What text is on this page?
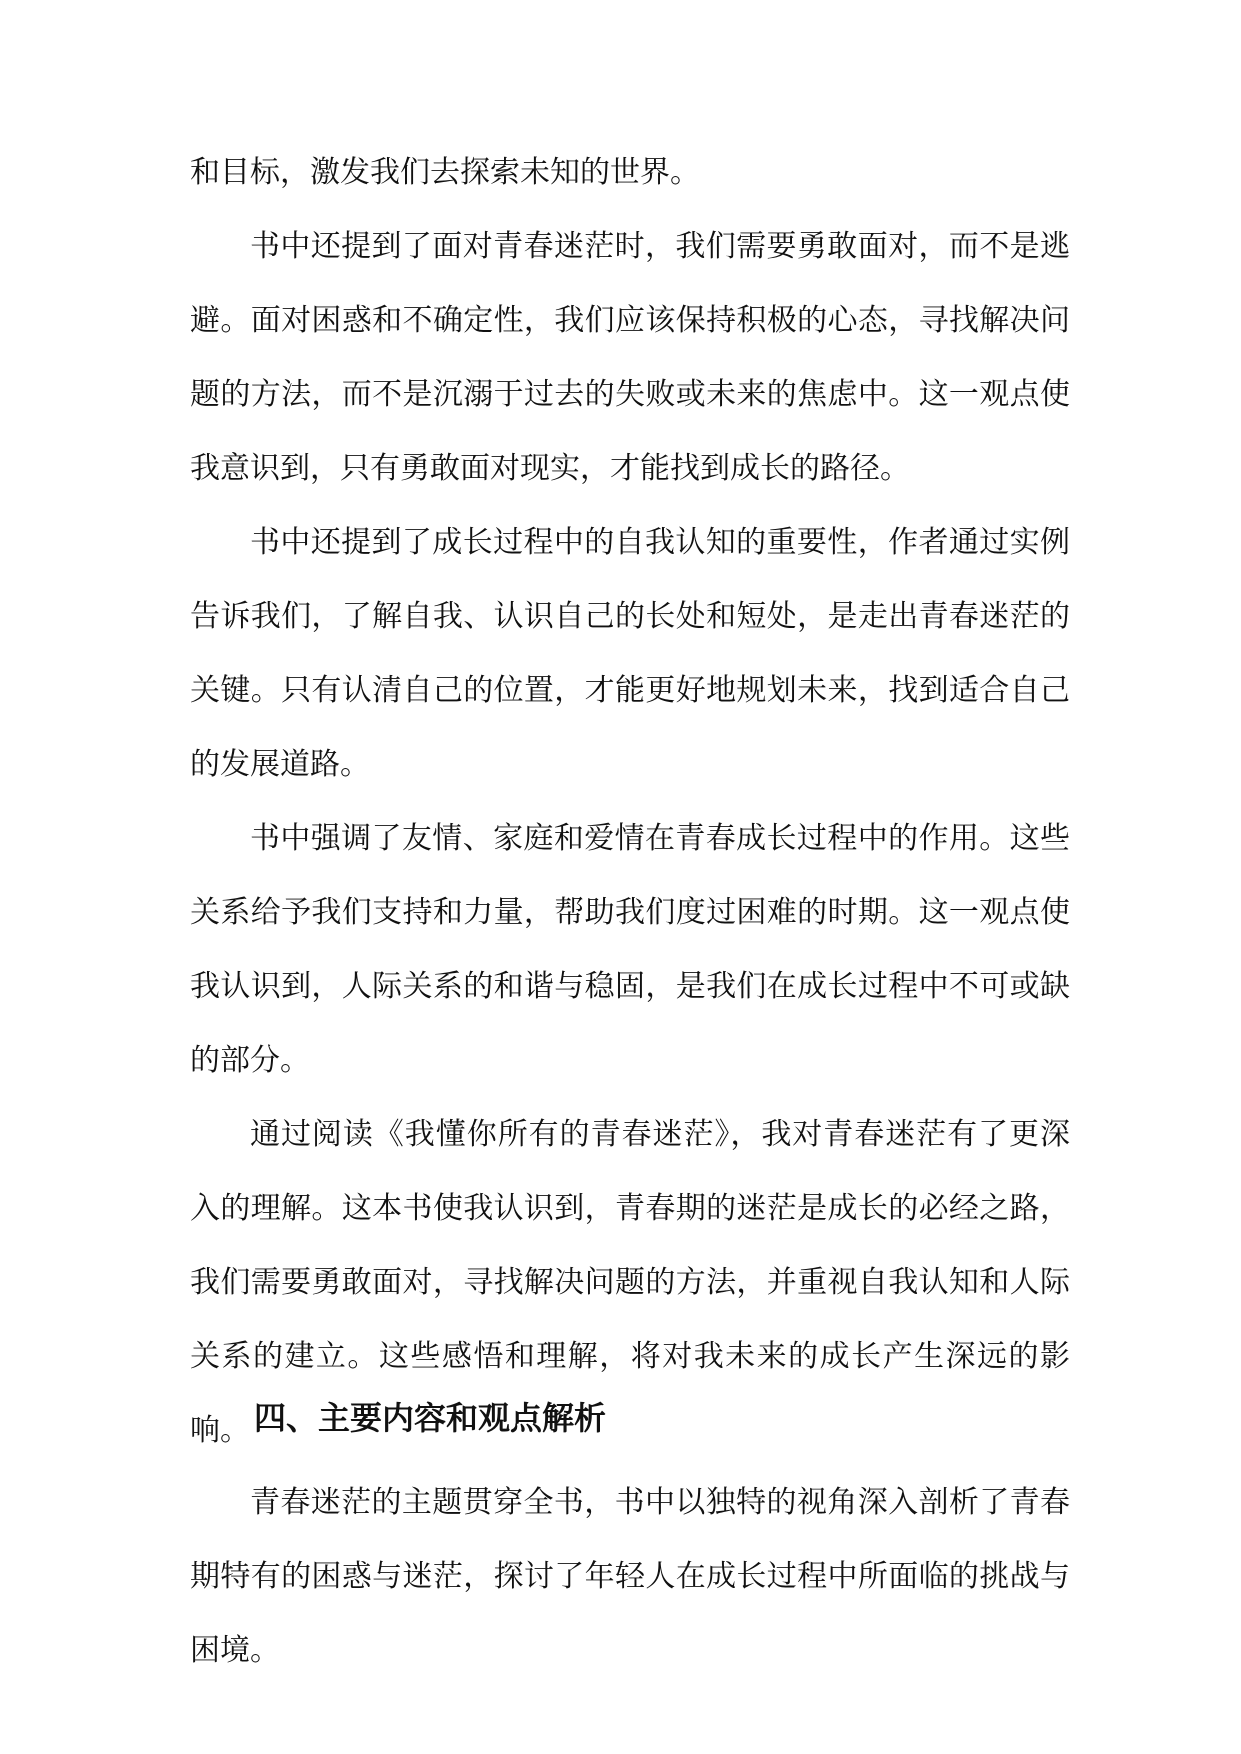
和目标，激发我们去探索未知的世界。

书中还提到了面对青春迷茫时，我们需要勇敢面对，而不是逃避。面对困惑和不确定性，我们应该保持积极的心态，寻找解决问题的方法，而不是沉溺于过去的失败或未来的焦虑中。这一观点使我意识到，只有勇敢面对现实，才能找到成长的路径。

书中还提到了成长过程中的自我认知的重要性，作者通过实例告诉我们，了解自我、认识自己的长处和短处，是走出青春迷茫的关键。只有认清自己的位置，才能更好地规划未来，找到适合自己的发展道路。

书中强调了友情、家庭和爱情在青春成长过程中的作用。这些关系给予我们支持和力量，帮助我们度过困难的时期。这一观点使我认识到，人际关系的和谐与稳固，是我们在成长过程中不可或缺的部分。

通过阅读《我懂你所有的青春迷茫》，我对青春迷茫有了更深入的理解。这本书使我认识到，青春期的迷茫是成长的必经之路，我们需要勇敢面对，寻找解决问题的方法，并重视自我认知和人际关系的建立。这些感悟和理解，将对我未来的成长产生深远的影响。 四、主要内容和观点解析

青春迷茫的主题贯穿全书，书中以独特的视角深入剖析了青春期特有的困惑与迷茫，探讨了年轻人在成长过程中所面临的挑战与困境。
